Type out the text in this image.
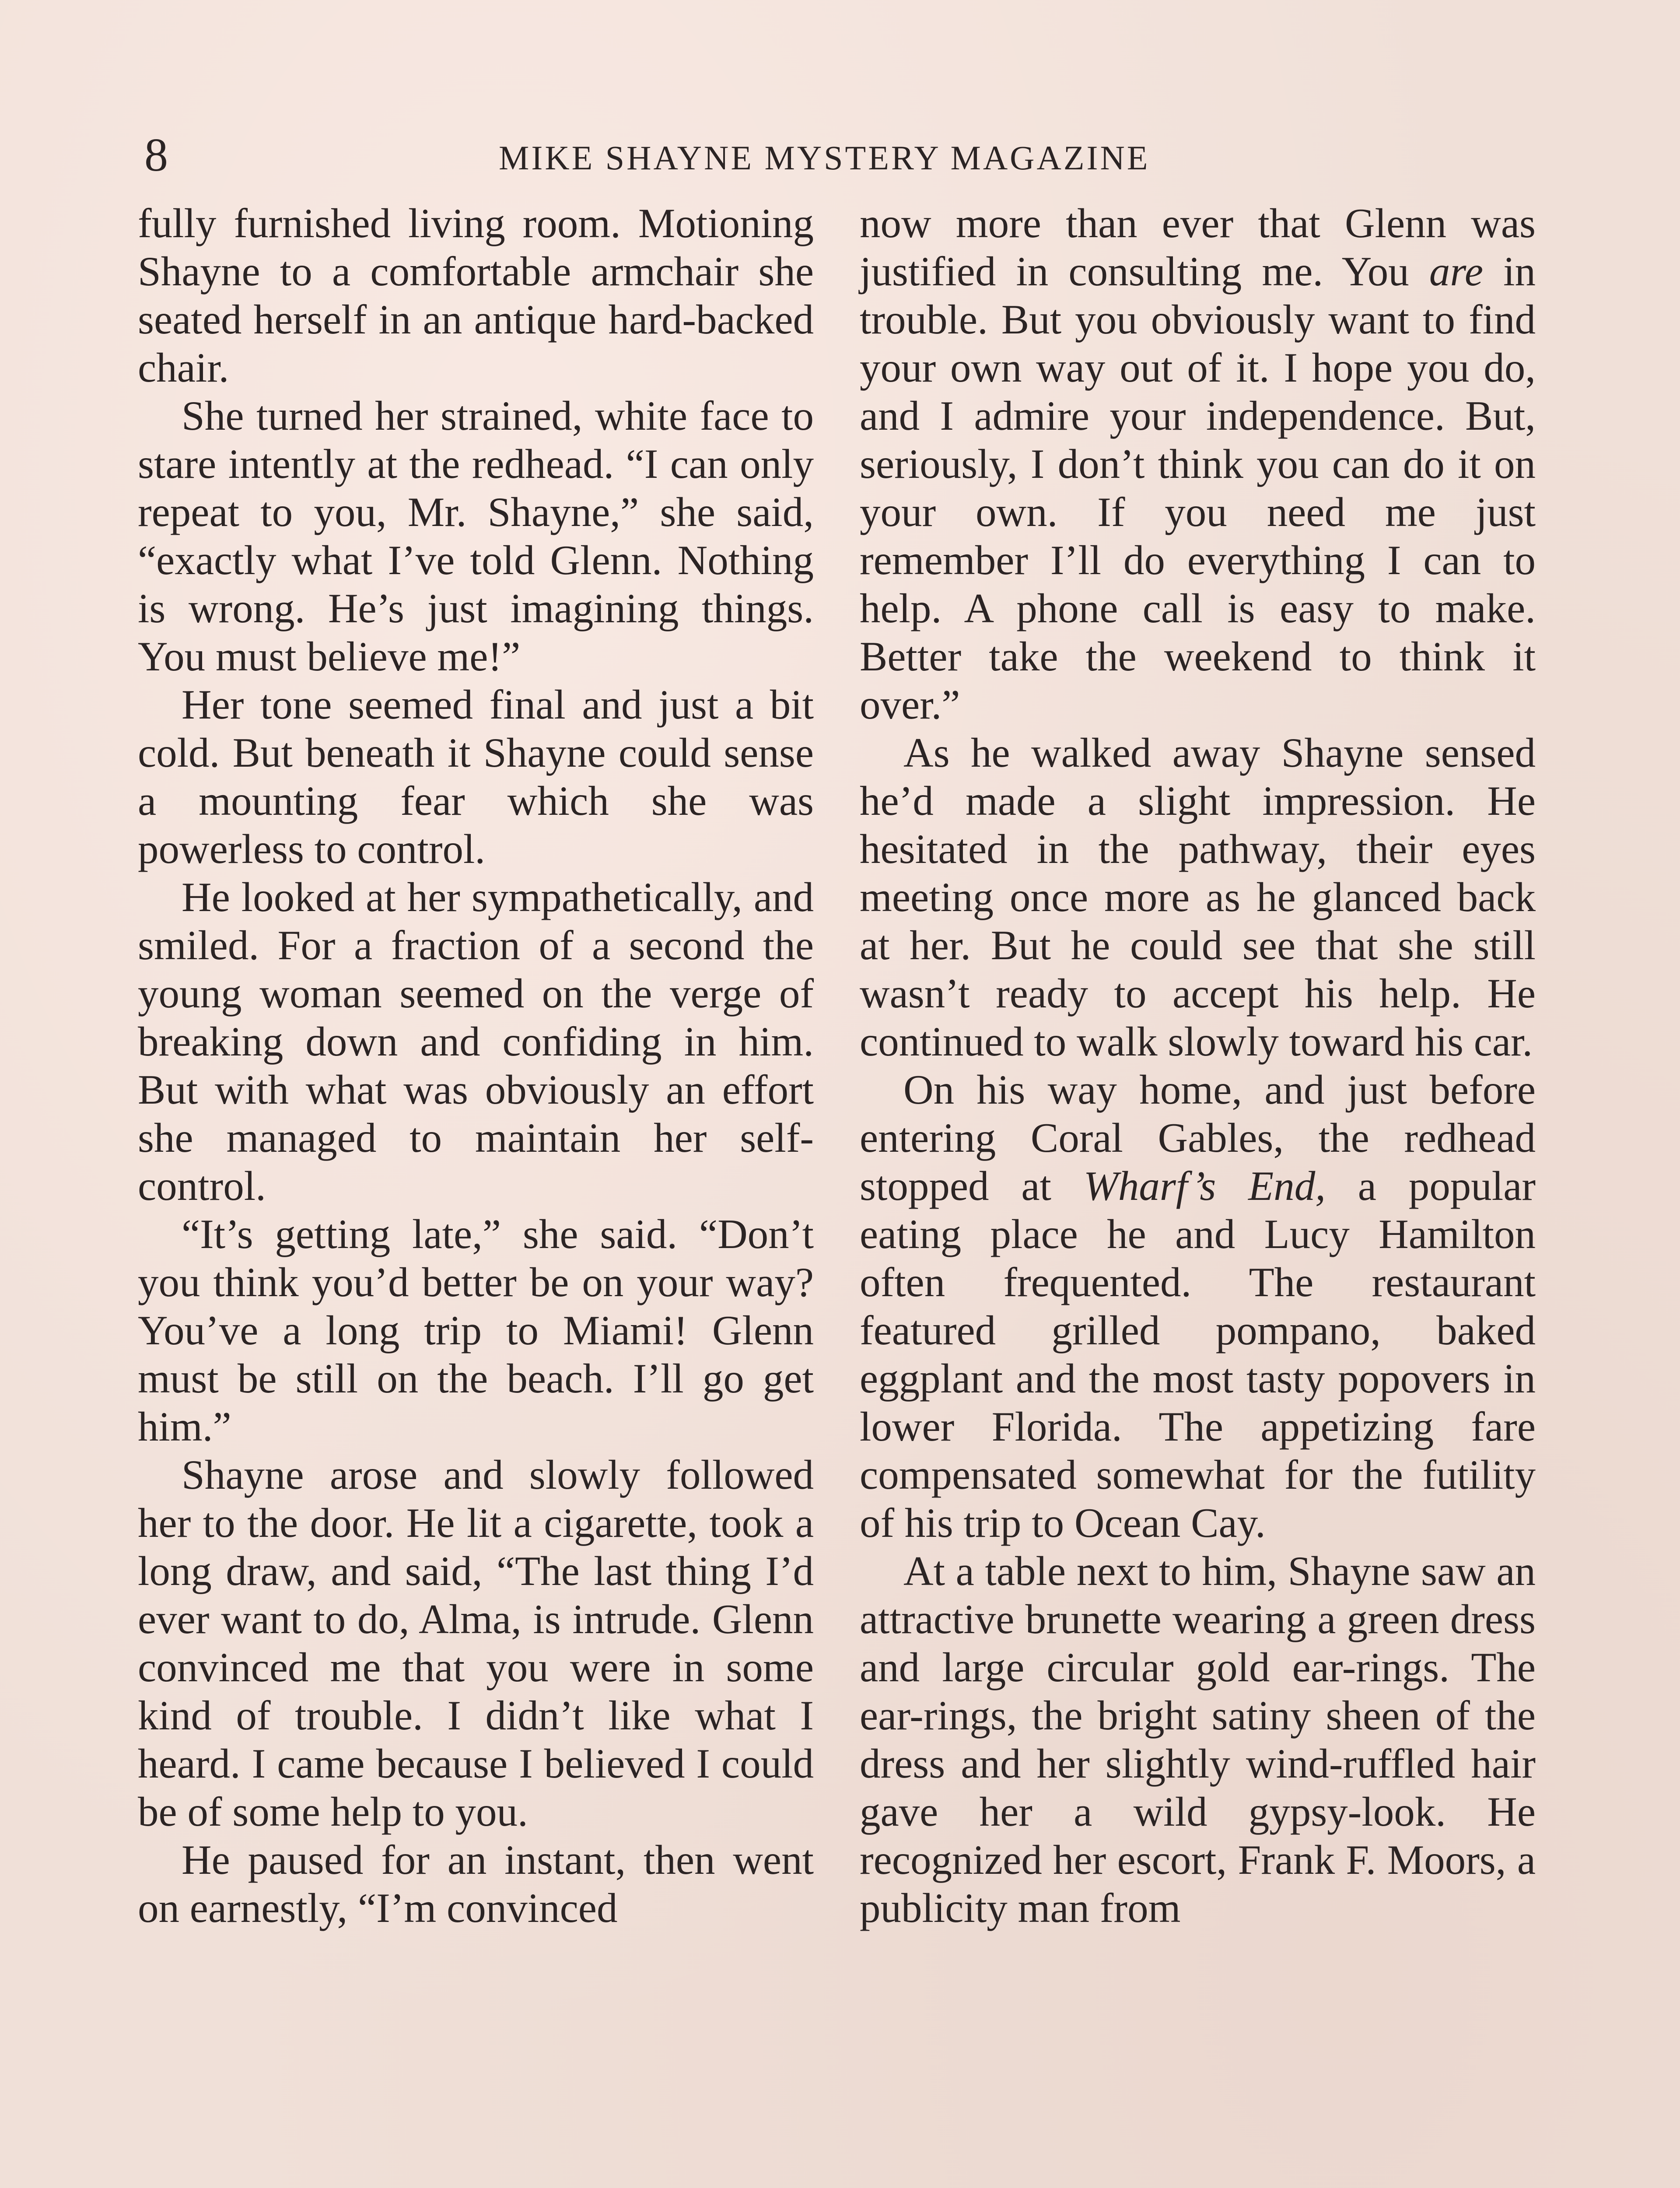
8	MIKE SHAYNE MYSTERY MAGAZINE

fully furnished living room. Motioning Shayne to a comfortable armchair she seated herself in an antique hard-backed chair.

She turned her strained, white face to stare intently at the redhead. “I can only repeat to you, Mr. Shayne,” she said, “exactly what I’ve told Glenn. Nothing is wrong. He’s just imagining things. You must believe me!”

Her tone seemed final and just a bit cold. But beneath it Shayne could sense a mounting fear which she was powerless to control.

He looked at her sympathetically, and smiled. For a fraction of a second the young woman seemed on the verge of breaking down and confiding in him. But with what was obviously an effort she managed to maintain her self-control.

“It’s getting late,” she said. “Don’t you think you’d better be on your way? You’ve a long trip to Miami! Glenn must be still on the beach. I’ll go get him.”

Shayne arose and slowly followed her to the door. He lit a cigarette, took a long draw, and said, “The last thing I’d ever want to do, Alma, is intrude. Glenn convinced me that you were in some kind of trouble. I didn’t like what I heard. I came because I believed I could be of some help to you.

He paused for an instant, then went on earnestly, “I’m convinced

now more than ever that Glenn was justified in consulting me. You are in trouble. But you obviously want to find your own way out of it. I hope you do, and I admire your independence. But, seriously, I don’t think you can do it on your own. If you need me just remember I’ll do everything I can to help. A phone call is easy to make. Better take the weekend to think it over.”

As he walked away Shayne sensed he’d made a slight impression. He hesitated in the pathway, their eyes meeting once more as he glanced back at her. But he could see that she still wasn’t ready to accept his help. He continued to walk slowly toward his car.

On his way home, and just before entering Coral Gables, the redhead stopped at Wharf’s End, a popular eating place he and Lucy Hamilton often frequented. The restaurant featured grilled pompano, baked eggplant and the most tasty popovers in lower Florida. The appetizing fare compensated somewhat for the futility of his trip to Ocean Cay.

At a table next to him, Shayne saw an attractive brunette wearing a green dress and large circular gold ear-rings. The ear-rings, the bright satiny sheen of the dress and her slightly wind-ruffled hair gave her a wild gypsy-look. He recognized her escort, Frank F. Moors, a publicity man from
